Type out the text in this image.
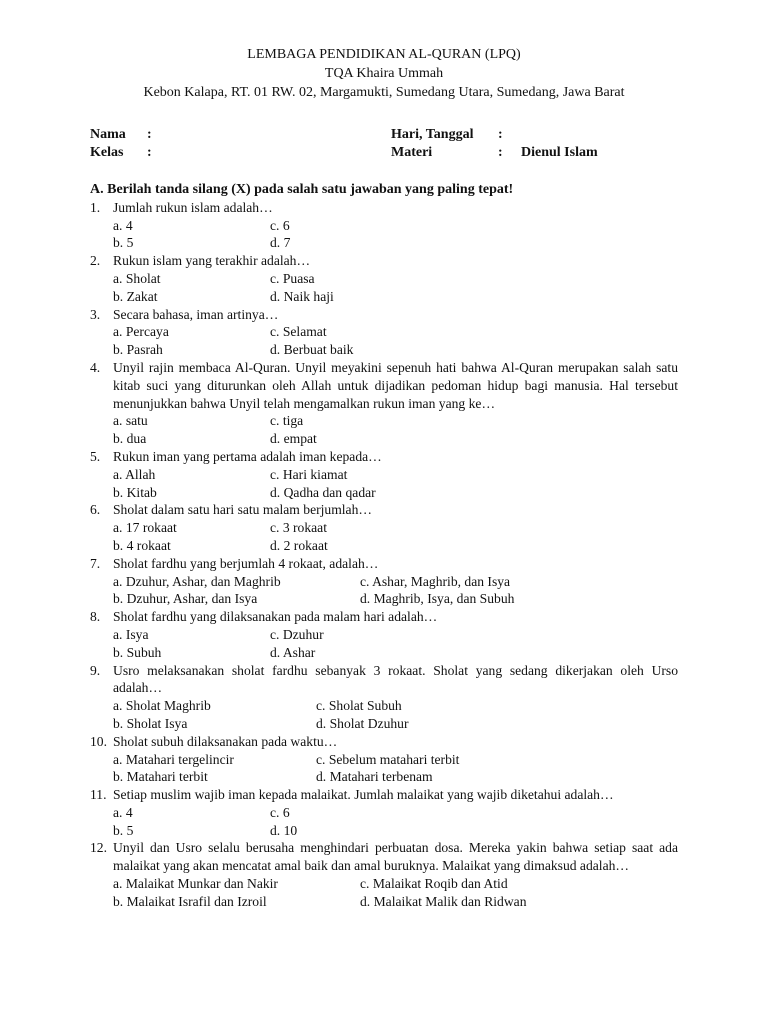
LEMBAGA PENDIDIKAN AL-QURAN (LPQ)
TQA Khaira Ummah
Kebon Kalapa, RT. 01 RW. 02, Margamukti, Sumedang Utara, Sumedang, Jawa Barat
Nama :	Hari, Tanggal :
Kelas :	Materi	: Dienul Islam
A. Berilah tanda silang (X) pada salah satu jawaban yang paling tepat!
1. Jumlah rukun islam adalah…
a. 4	c. 6
b. 5	d. 7
2. Rukun islam yang terakhir adalah…
a. Sholat	c. Puasa
b. Zakat	d. Naik haji
3. Secara bahasa, iman artinya…
a. Percaya	c. Selamat
b. Pasrah	d. Berbuat baik
4. Unyil rajin membaca Al-Quran. Unyil meyakini sepenuh hati bahwa Al-Quran merupakan salah satu kitab suci yang diturunkan oleh Allah untuk dijadikan pedoman hidup bagi manusia. Hal tersebut menunjukkan bahwa Unyil telah mengamalkan rukun iman yang ke…
a. satu	c. tiga
b. dua	d. empat
5. Rukun iman yang pertama adalah iman kepada…
a. Allah	c. Hari kiamat
b. Kitab	d. Qadha dan qadar
6. Sholat dalam satu hari satu malam berjumlah…
a. 17 rokaat	c. 3 rokaat
b. 4 rokaat	d. 2 rokaat
7. Sholat fardhu yang berjumlah 4 rokaat, adalah…
a. Dzuhur, Ashar, dan Maghrib	c. Ashar, Maghrib, dan Isya
b. Dzuhur, Ashar, dan Isya	d. Maghrib, Isya, dan Subuh
8. Sholat fardhu yang dilaksanakan pada malam hari adalah…
a. Isya	c. Dzuhur
b. Subuh	d. Ashar
9. Usro melaksanakan sholat fardhu sebanyak 3 rokaat. Sholat yang sedang dikerjakan oleh Urso adalah…
a. Sholat Maghrib	c. Sholat Subuh
b. Sholat Isya	d. Sholat Dzuhur
10. Sholat subuh dilaksanakan pada waktu…
a. Matahari tergelincir	c. Sebelum matahari terbit
b. Matahari terbit	d. Matahari terbenam
11. Setiap muslim wajib iman kepada malaikat. Jumlah malaikat yang wajib diketahui adalah…
a. 4	c. 6
b. 5	d. 10
12. Unyil dan Usro selalu berusaha menghindari perbuatan dosa. Mereka yakin bahwa setiap saat ada malaikat yang akan mencatat amal baik dan amal buruknya. Malaikat yang dimaksud adalah…
a. Malaikat Munkar dan Nakir	c. Malaikat Roqib dan Atid
b. Malaikat Israfil dan Izroil	d. Malaikat Malik dan Ridwan
